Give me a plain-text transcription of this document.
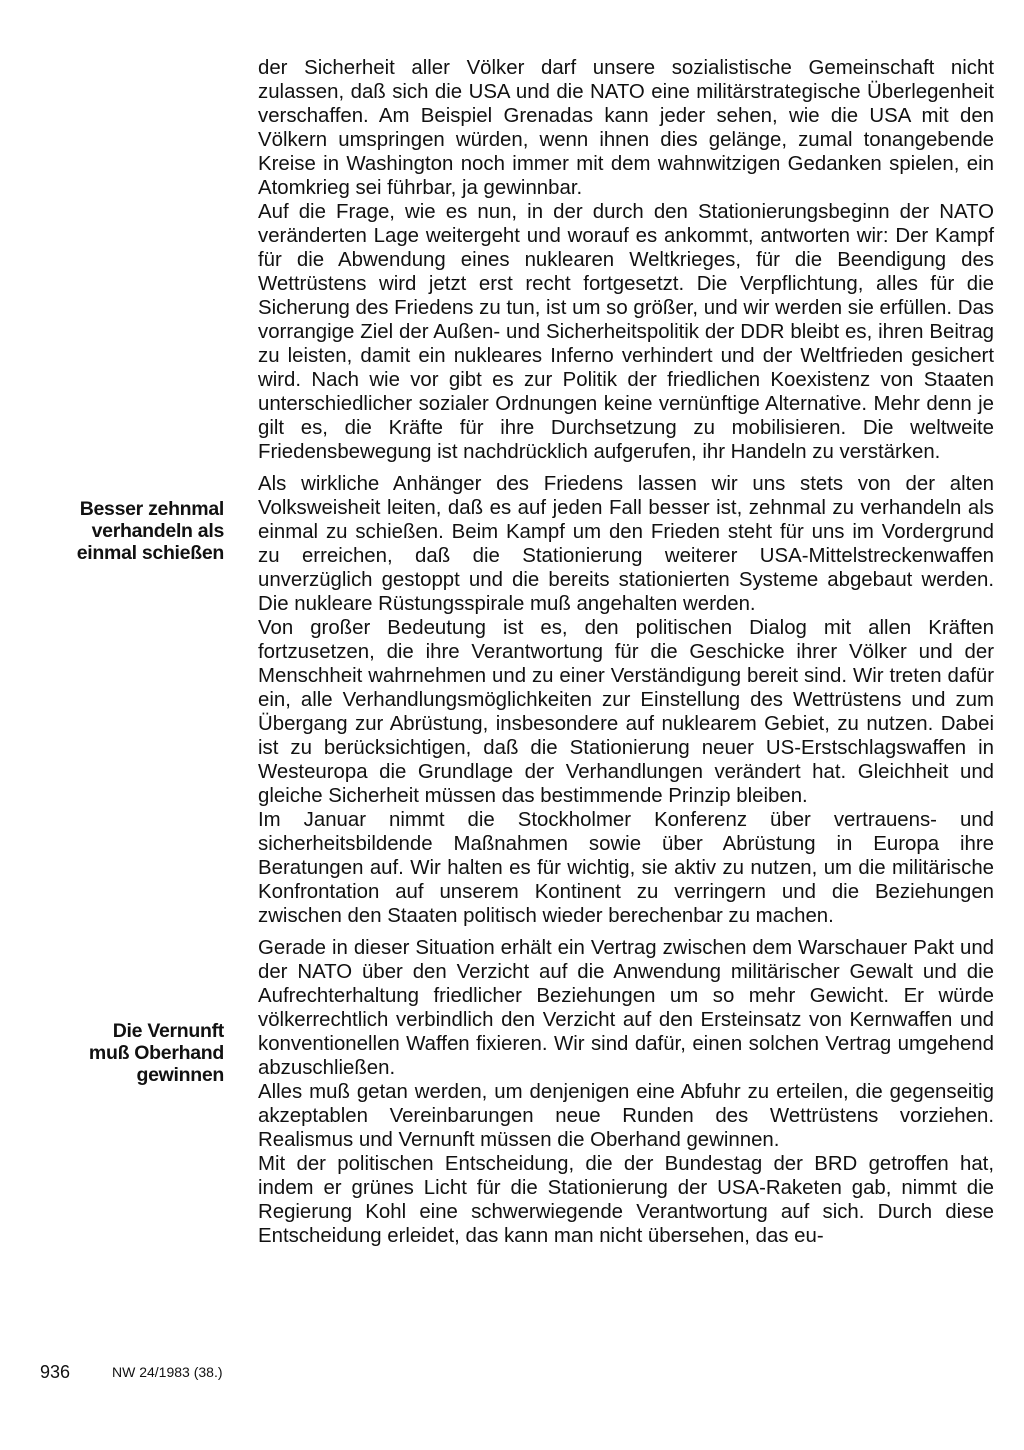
Besser zehnmal
verhandeln als
einmal schießen
Die Vernunft
muß Oberhand
gewinnen

der Sicherheit aller Völker darf unsere sozialistische Gemeinschaft nicht zulassen, daß sich die USA und die NATO eine militärstrategische Überlegenheit verschaffen. Am Beispiel Grenadas kann jeder sehen, wie die USA mit den Völkern umspringen würden, wenn ihnen dies gelänge, zumal tonangebende Kreise in Washington noch immer mit dem wahnwitzigen Gedanken spielen, ein Atomkrieg sei führbar, ja gewinnbar.

Auf die Frage, wie es nun, in der durch den Stationierungsbeginn der NATO veränderten Lage weitergeht und worauf es ankommt, antworten wir: Der Kampf für die Abwendung eines nuklearen Weltkrieges, für die Beendigung des Wettrüstens wird jetzt erst recht fortgesetzt. Die Verpflichtung, alles für die Sicherung des Friedens zu tun, ist um so größer, und wir werden sie erfüllen. Das vorrangige Ziel der Außen- und Sicherheitspolitik der DDR bleibt es, ihren Beitrag zu leisten, damit ein nukleares Inferno verhindert und der Weltfrieden gesichert wird. Nach wie vor gibt es zur Politik der friedlichen Koexistenz von Staaten unterschiedlicher sozialer Ordnungen keine vernünftige Alternative. Mehr denn je gilt es, die Kräfte für ihre Durchsetzung zu mobilisieren. Die weltweite Friedensbewegung ist nachdrücklich aufgerufen, ihr Handeln zu verstärken.

Als wirkliche Anhänger des Friedens lassen wir uns stets von der alten Volksweisheit leiten, daß es auf jeden Fall besser ist, zehnmal zu verhandeln als einmal zu schießen. Beim Kampf um den Frieden steht für uns im Vordergrund zu erreichen, daß die Stationierung weiterer USA-Mittelstreckenwaffen unverzüglich gestoppt und die bereits stationierten Systeme abgebaut werden. Die nukleare Rüstungsspirale muß angehalten werden.

Von großer Bedeutung ist es, den politischen Dialog mit allen Kräften fortzusetzen, die ihre Verantwortung für die Geschicke ihrer Völker und der Menschheit wahrnehmen und zu einer Verständigung bereit sind. Wir treten dafür ein, alle Verhandlungsmöglichkeiten zur Einstellung des Wettrüstens und zum Übergang zur Abrüstung, insbesondere auf nuklearem Gebiet, zu nutzen. Dabei ist zu berücksichtigen, daß die Stationierung neuer US-Erstschlagswaffen in Westeuropa die Grundlage der Verhandlungen verändert hat. Gleichheit und gleiche Sicherheit müssen das bestimmende Prinzip bleiben.

Im Januar nimmt die Stockholmer Konferenz über vertrauens- und sicherheitsbildende Maßnahmen sowie über Abrüstung in Europa ihre Beratungen auf. Wir halten es für wichtig, sie aktiv zu nutzen, um die militärische Konfrontation auf unserem Kontinent zu verringern und die Beziehungen zwischen den Staaten politisch wieder berechenbar zu machen.

Gerade in dieser Situation erhält ein Vertrag zwischen dem Warschauer Pakt und der NATO über den Verzicht auf die Anwendung militärischer Gewalt und die Aufrechterhaltung friedlicher Beziehungen um so mehr Gewicht. Er würde völkerrechtlich verbindlich den Verzicht auf den Ersteinsatz von Kernwaffen und konventionellen Waffen fixieren. Wir sind dafür, einen solchen Vertrag umgehend abzuschließen.

Alles muß getan werden, um denjenigen eine Abfuhr zu erteilen, die gegenseitig akzeptablen Vereinbarungen neue Runden des Wettrüstens vorziehen. Realismus und Vernunft müssen die Oberhand gewinnen.

Mit der politischen Entscheidung, die der Bundestag der BRD getroffen hat, indem er grünes Licht für die Stationierung der USA-Raketen gab, nimmt die Regierung Kohl eine schwerwiegende Verantwortung auf sich. Durch diese Entscheidung erleidet, das kann man nicht übersehen, das eu-

936	NW 24/1983 (38.)
